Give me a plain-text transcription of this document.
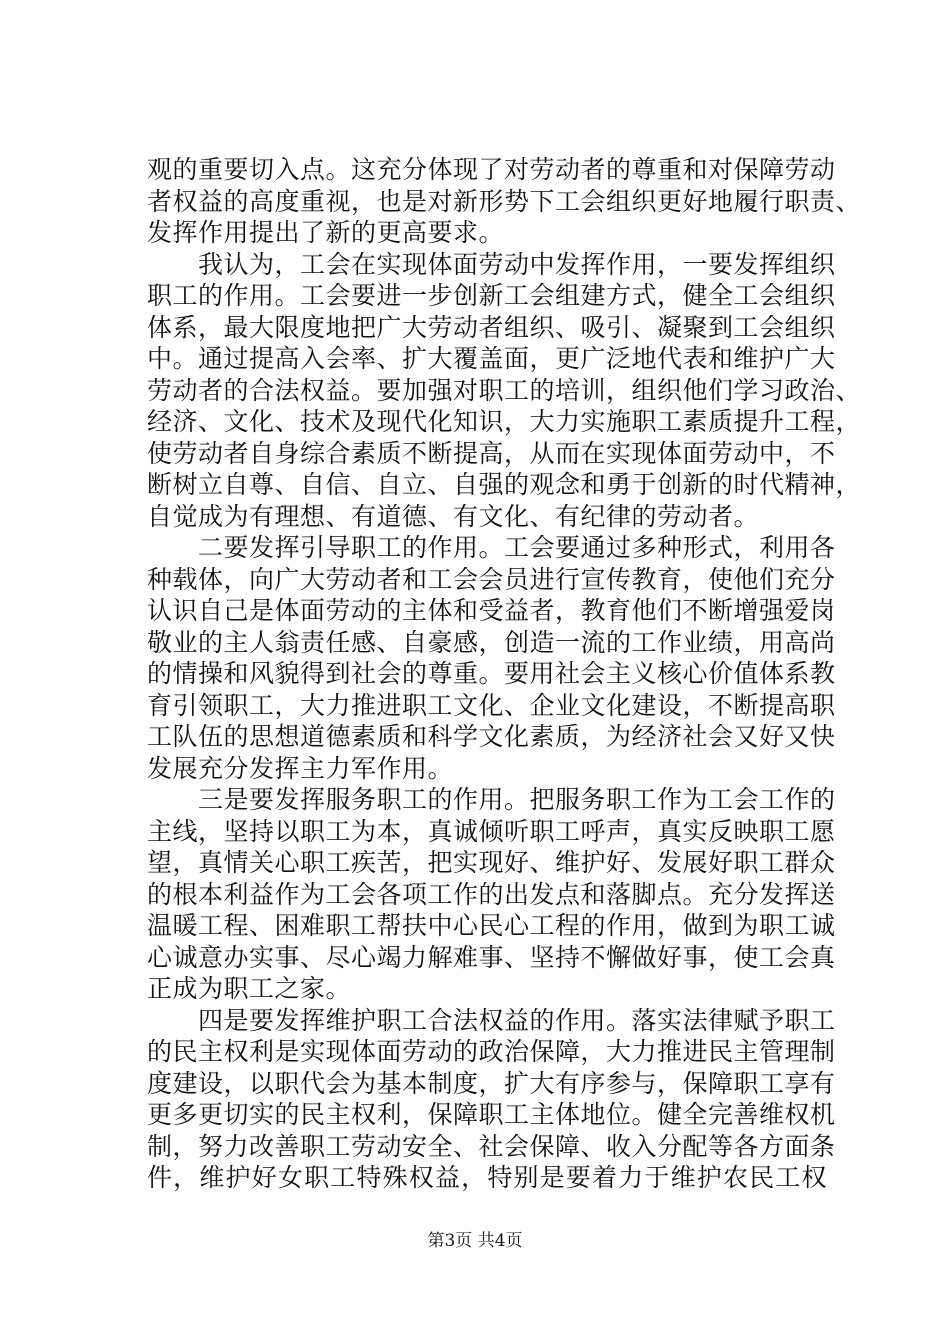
观的重要切入点。这充分体现了对劳动者的尊重和对保障劳动
者权益的高度重视，也是对新形势下工会组织更好地履行职责、
发挥作用提出了新的更高要求。
我认为，工会在实现体面劳动中发挥作用，一要发挥组织
职工的作用。工会要进一步创新工会组建方式，健全工会组织
体系，最大限度地把广大劳动者组织、吸引、凝聚到工会组织
中。通过提高入会率、扩大覆盖面，更广泛地代表和维护广大
劳动者的合法权益。要加强对职工的培训，组织他们学习政治、
经济、文化、技术及现代化知识，大力实施职工素质提升工程，
使劳动者自身综合素质不断提高，从而在实现体面劳动中，不
断树立自尊、自信、自立、自强的观念和勇于创新的时代精神，
自觉成为有理想、有道德、有文化、有纪律的劳动者。
二要发挥引导职工的作用。工会要通过多种形式，利用各
种载体，向广大劳动者和工会会员进行宣传教育，使他们充分
认识自己是体面劳动的主体和受益者，教育他们不断增强爱岗
敬业的主人翁责任感、自豪感，创造一流的工作业绩，用高尚
的情操和风貌得到社会的尊重。要用社会主义核心价值体系教
育引领职工，大力推进职工文化、企业文化建设，不断提高职
工队伍的思想道德素质和科学文化素质，为经济社会又好又快
发展充分发挥主力军作用。
三是要发挥服务职工的作用。把服务职工作为工会工作的
主线，坚持以职工为本，真诚倾听职工呼声，真实反映职工愿
望，真情关心职工疾苦，把实现好、维护好、发展好职工群众
的根本利益作为工会各项工作的出发点和落脚点。充分发挥送
温暖工程、困难职工帮扶中心民心工程的作用，做到为职工诚
心诚意办实事、尽心竭力解难事、坚持不懈做好事，使工会真
正成为职工之家。
四是要发挥维护职工合法权益的作用。落实法律赋予职工
的民主权利是实现体面劳动的政治保障，大力推进民主管理制
度建设，以职代会为基本制度，扩大有序参与，保障职工享有
更多更切实的民主权利，保障职工主体地位。健全完善维权机
制，努力改善职工劳动安全、社会保障、收入分配等各方面条
件，维护好女职工特殊权益，特别是要着力于维护农民工权
第3页 共4页
